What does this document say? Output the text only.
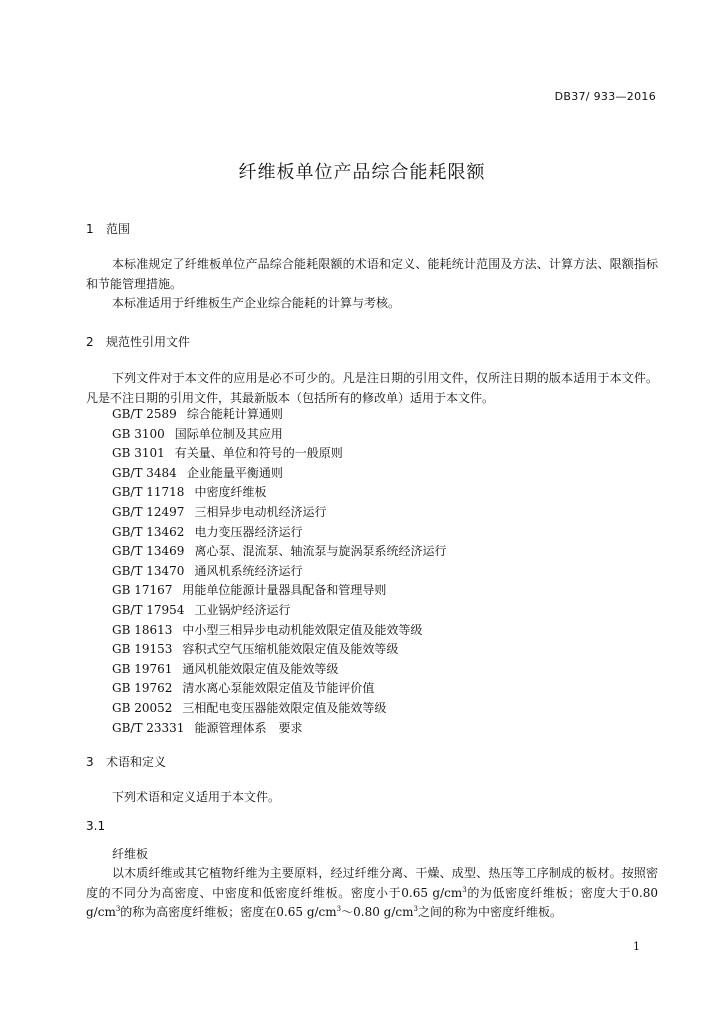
DB37/ 933—2016
纤维板单位产品综合能耗限额
1 范围
本标准规定了纤维板单位产品综合能耗限额的术语和定义、能耗统计范围及方法、计算方法、限额指标和节能管理措施。
本标准适用于纤维板生产企业综合能耗的计算与考核。
2 规范性引用文件
下列文件对于本文件的应用是必不可少的。凡是注日期的引用文件，仅所注日期的版本适用于本文件。凡是不注日期的引用文件，其最新版本（包括所有的修改单）适用于本文件。
GB/T 2589 综合能耗计算通则
GB 3100 国际单位制及其应用
GB 3101 有关量、单位和符号的一般原则
GB/T 3484 企业能量平衡通则
GB/T 11718 中密度纤维板
GB/T 12497 三相异步电动机经济运行
GB/T 13462 电力变压器经济运行
GB/T 13469 离心泵、混流泵、轴流泵与旋涡泵系统经济运行
GB/T 13470 通风机系统经济运行
GB 17167 用能单位能源计量器具配备和管理导则
GB/T 17954 工业锅炉经济运行
GB 18613 中小型三相异步电动机能效限定值及能效等级
GB 19153 容积式空气压缩机能效限定值及能效等级
GB 19761 通风机能效限定值及能效等级
GB 19762 清水离心泵能效限定值及节能评价值
GB 20052 三相配电变压器能效限定值及能效等级
GB/T 23331 能源管理体系　要求
3 术语和定义
下列术语和定义适用于本文件。
3.1
纤维板
以木质纤维或其它植物纤维为主要原料，经过纤维分离、干燥、成型、热压等工序制成的板材。按照密度的不同分为高密度、中密度和低密度纤维板。密度小于0.65 $g/cm^3$的为低密度纤维板；密度大于0.80 $g/cm^3$的称为高密度纤维板；密度在0.65 $g/cm^3\sim 0.80$ $g/cm^3$之间的称为中密度纤维板。
1
